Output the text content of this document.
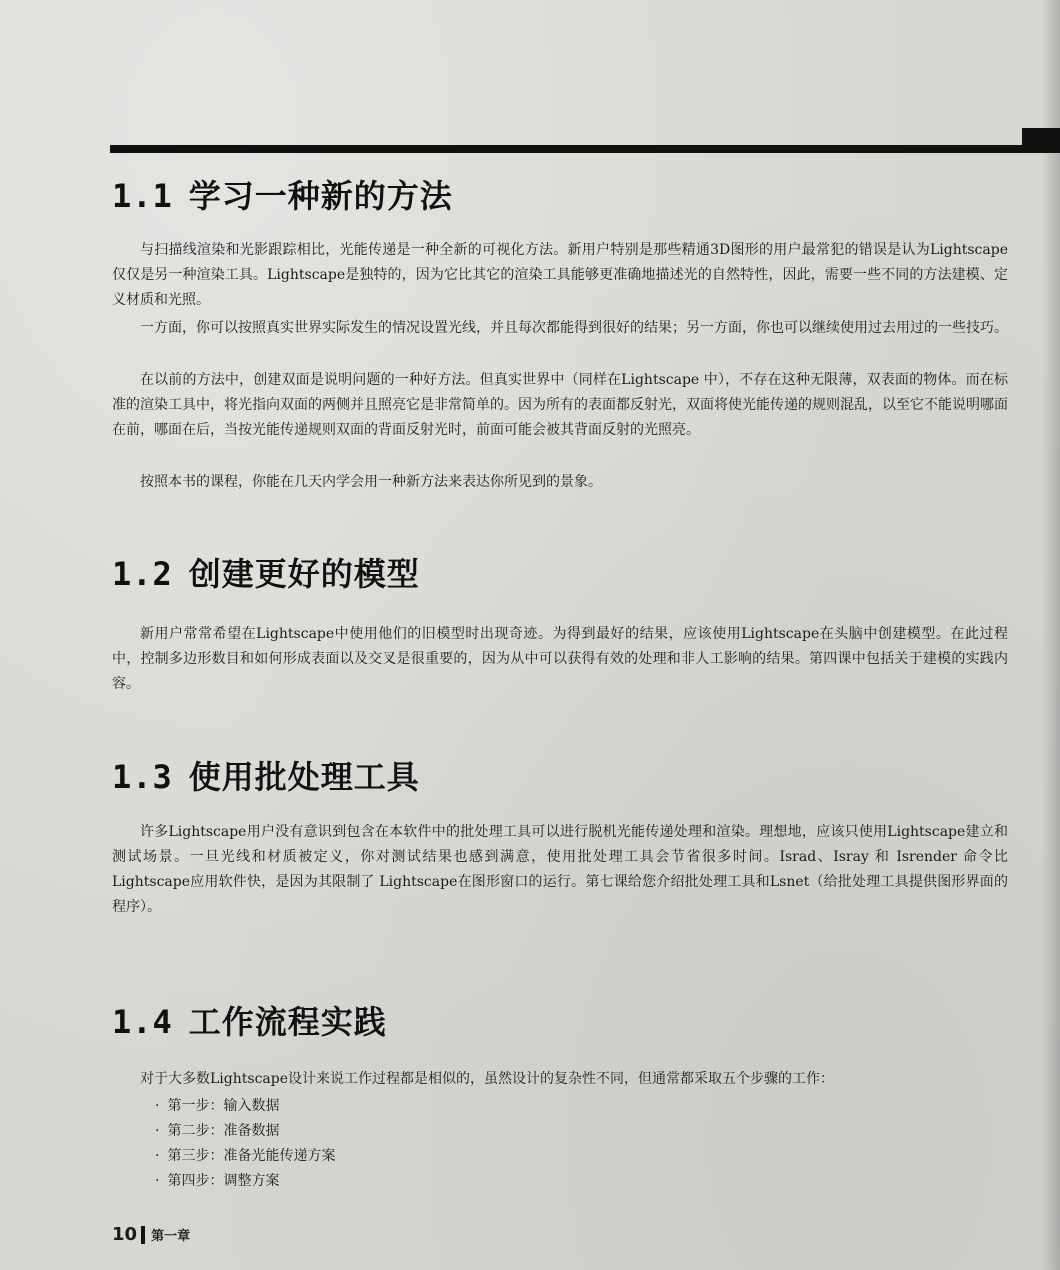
1.1 学习一种新的方法

与扫描线渲染和光影跟踪相比，光能传递是一种全新的可视化方法。新用户特别是那些精通3D图形的用户最常犯的错误是认为Lightscape仅仅是另一种渲染工具。Lightscape是独特的，因为它比其它的渲染工具能够更准确地描述光的自然特性，因此，需要一些不同的方法建模、定义材质和光照。

一方面，你可以按照真实世界实际发生的情况设置光线，并且每次都能得到很好的结果；另一方面，你也可以继续使用过去用过的一些技巧。

在以前的方法中，创建双面是说明问题的一种好方法。但真实世界中（同样在Lightscape 中），不存在这种无限薄，双表面的物体。而在标准的渲染工具中，将光指向双面的两侧并且照亮它是非常简单的。因为所有的表面都反射光，双面将使光能传递的规则混乱，以至它不能说明哪面在前，哪面在后，当按光能传递规则双面的背面反射光时，前面可能会被其背面反射的光照亮。

按照本书的课程，你能在几天内学会用一种新方法来表达你所见到的景象。

1.2 创建更好的模型

新用户常常希望在Lightscape中使用他们的旧模型时出现奇迹。为得到最好的结果，应该使用Lightscape在头脑中创建模型。在此过程中，控制多边形数目和如何形成表面以及交叉是很重要的，因为从中可以获得有效的处理和非人工影响的结果。第四课中包括关于建模的实践内容。

1.3 使用批处理工具

许多Lightscape用户没有意识到包含在本软件中的批处理工具可以进行脱机光能传递处理和渲染。理想地，应该只使用Lightscape建立和测试场景。一旦光线和材质被定义，你对测试结果也感到满意，使用批处理工具会节省很多时间。Israd、Isray 和 Isrender 命令比Lightscape应用软件快，是因为其限制了 Lightscape在图形窗口的运行。第七课给您介绍批处理工具和Lsnet（给批处理工具提供图形界面的程序）。

1.4 工作流程实践

对于大多数Lightscape设计来说工作过程都是相似的，虽然设计的复杂性不同，但通常都采取五个步骤的工作：

· 第一步：输入数据
· 第二步：准备数据
· 第三步：准备光能传递方案
· 第四步：调整方案
10 第一章
